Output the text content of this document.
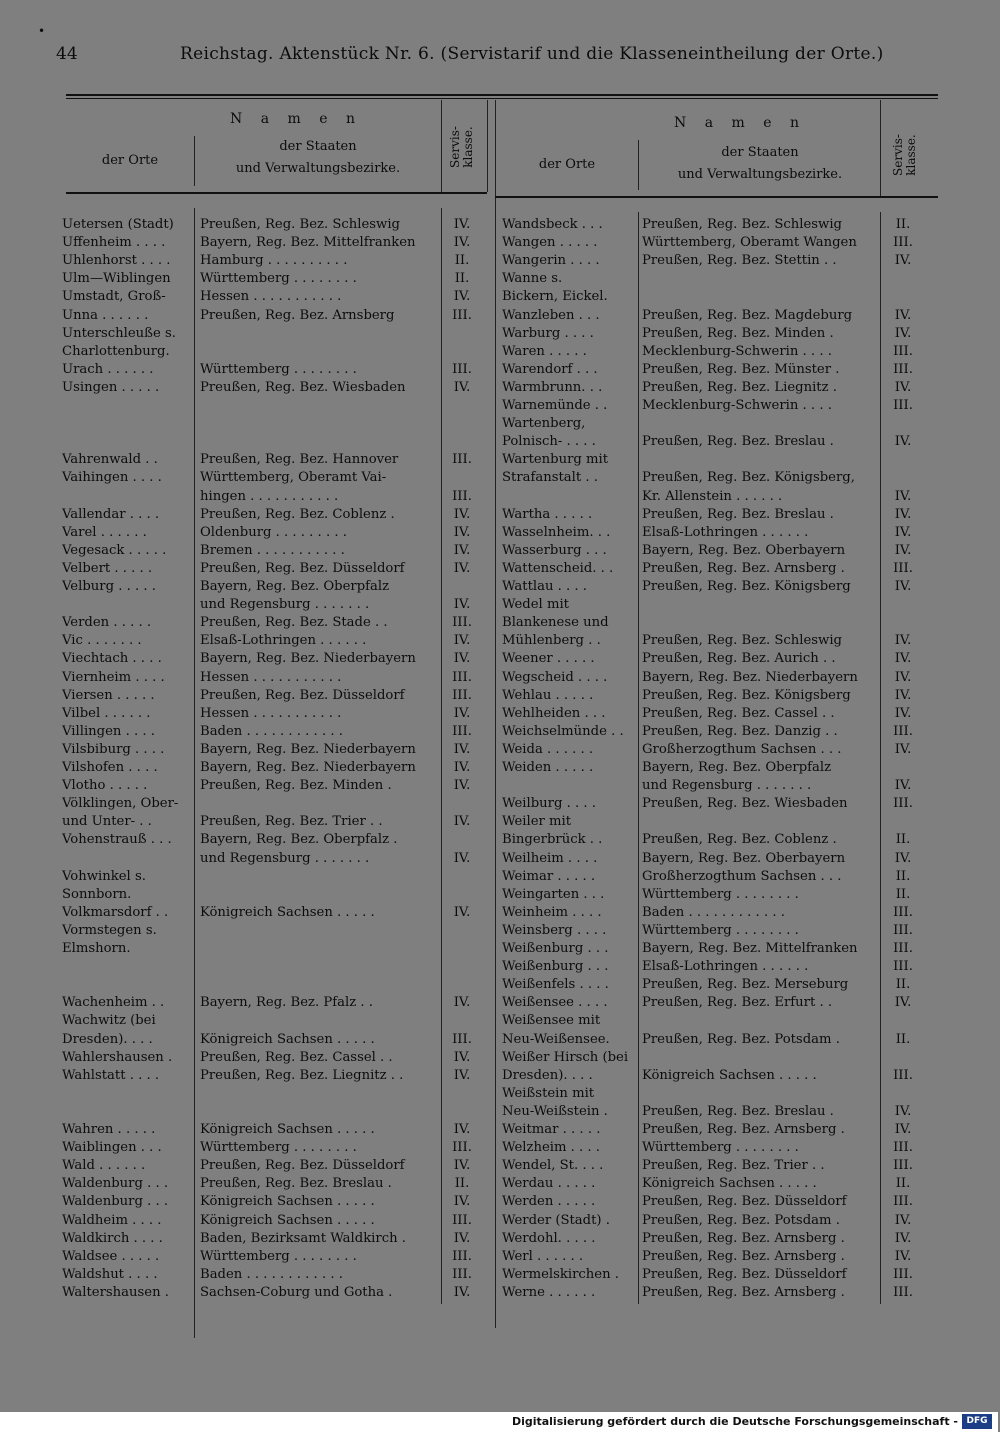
•
44	Reichstag. Aktenstück Nr. 6. (Servistarif und die Klasseneintheilung der Orte.)
N a m e n
der Orte
der Staaten
und Verwaltungsbezirke.
Servis-
klasse.
N a m e n
der Orte
der Staaten
und Verwaltungsbezirke.	Servis-
klasse.
Uetersen (Stadt)	Preußen, Reg. Bez. Schleswig	IV.
Uffenheim . . . .	Bayern, Reg. Bez. Mittelfranken	IV.
Uhlenhorst . . . .	Hamburg . . . . . . . . . .	II.
Ulm—Wiblingen	Württemberg . . . . . . . .	II.
Umstadt, Groß-	Hessen . . . . . . . . . . .	IV.
Unna . . . . . .	Preußen, Reg. Bez. Arnsberg	III.
Unterschleuße s.
Charlottenburg.
Urach . . . . . .	Württemberg . . . . . . . .	III.
Usingen . . . . .	Preußen, Reg. Bez. Wiesbaden	IV.
Vahrenwald . .	Preußen, Reg. Bez. Hannover	III.
Vaihingen . . . .	Württemberg, Oberamt Vai-
hingen . . . . . . . . . . .	III.
Vallendar . . . .	Preußen, Reg. Bez. Coblenz .	IV.
Varel . . . . . .	Oldenburg . . . . . . . . .	IV.
Vegesack . . . . .	Bremen . . . . . . . . . . .	IV.
Velbert . . . . .	Preußen, Reg. Bez. Düsseldorf	IV.
Velburg . . . . .	Bayern, Reg. Bez. Oberpfalz
und Regensburg . . . . . . .	IV.
Verden . . . . .	Preußen, Reg. Bez. Stade . .	III.
Vic . . . . . . .	Elsaß-Lothringen . . . . . .	IV.
Viechtach . . . .	Bayern, Reg. Bez. Niederbayern	IV.
Viernheim . . . .	Hessen . . . . . . . . . . .	III.
Viersen . . . . .	Preußen, Reg. Bez. Düsseldorf	III.
Vilbel . . . . . .	Hessen . . . . . . . . . . .	IV.
Villingen . . . .	Baden . . . . . . . . . . . .	III.
Vilsbiburg . . . .	Bayern, Reg. Bez. Niederbayern	IV.
Vilshofen . . . .	Bayern, Reg. Bez. Niederbayern	IV.
Vlotho . . . . .	Preußen, Reg. Bez. Minden .	IV.
Völklingen, Ober-
und Unter- . .	Preußen, Reg. Bez. Trier . .	IV.
Vohenstrauß . . .	Bayern, Reg. Bez. Oberpfalz .
und Regensburg . . . . . . .	IV.
Vohwinkel s.
Sonnborn.
Volkmarsdorf . .	Königreich Sachsen . . . . .	IV.
Vormstegen s.
Elmshorn.
Wachenheim . .	Bayern, Reg. Bez. Pfalz . .	IV.
Wachwitz (bei
Dresden). . . .	Königreich Sachsen . . . . .	III.
Wahlershausen .	Preußen, Reg. Bez. Cassel . .	IV.
Wahlstatt . . . .	Preußen, Reg. Bez. Liegnitz . .	IV.
Wahren . . . . .	Königreich Sachsen . . . . .	IV.
Waiblingen . . .	Württemberg . . . . . . . .	III.
Wald . . . . . .	Preußen, Reg. Bez. Düsseldorf	IV.
Waldenburg . . .	Preußen, Reg. Bez. Breslau .	II.
Waldenburg . . .	Königreich Sachsen . . . . .	IV.
Waldheim . . . .	Königreich Sachsen . . . . .	III.
Waldkirch . . . .	Baden, Bezirksamt Waldkirch .	IV.
Waldsee . . . . .	Württemberg . . . . . . . .	III.
Waldshut . . . .	Baden . . . . . . . . . . . .	III.
Waltershausen .	Sachsen-Coburg und Gotha .	IV.
Wandsbeck . . .	Preußen, Reg. Bez. Schleswig	II.
Wangen . . . . .	Württemberg, Oberamt Wangen	III.
Wangerin . . . .	Preußen, Reg. Bez. Stettin . .	IV.
Wanne s.
Bickern, Eickel.
Wanzleben . . .	Preußen, Reg. Bez. Magdeburg	IV.
Warburg . . . .	Preußen, Reg. Bez. Minden .	IV.
Waren . . . . .	Mecklenburg-Schwerin . . . .	III.
Warendorf . . .	Preußen, Reg. Bez. Münster .	III.
Warmbrunn. . .	Preußen, Reg. Bez. Liegnitz .	IV.
Warnemünde . .	Mecklenburg-Schwerin . . . .	III.
Wartenberg,
Polnisch- . . . .	Preußen, Reg. Bez. Breslau .	IV.
Wartenburg mit
Strafanstalt . .	Preußen, Reg. Bez. Königsberg,
Kr. Allenstein . . . . . .	IV.
Wartha . . . . .	Preußen, Reg. Bez. Breslau .	IV.
Wasselnheim. . .	Elsaß-Lothringen . . . . . .	IV.
Wasserburg . . .	Bayern, Reg. Bez. Oberbayern	IV.
Wattenscheid. . .	Preußen, Reg. Bez. Arnsberg .	III.
Wattlau . . . .	Preußen, Reg. Bez. Königsberg	IV.
Wedel mit
Blankenese und
Mühlenberg . .	Preußen, Reg. Bez. Schleswig	IV.
Weener . . . . .	Preußen, Reg. Bez. Aurich . .	IV.
Wegscheid . . . .	Bayern, Reg. Bez. Niederbayern	IV.
Wehlau . . . . .	Preußen, Reg. Bez. Königsberg	IV.
Wehlheiden . . .	Preußen, Reg. Bez. Cassel . .	IV.
Weichselmünde . .	Preußen, Reg. Bez. Danzig . .	III.
Weida . . . . . .	Großherzogthum Sachsen . . .	IV.
Weiden . . . . .	Bayern, Reg. Bez. Oberpfalz
und Regensburg . . . . . . .	IV.
Weilburg . . . .	Preußen, Reg. Bez. Wiesbaden	III.
Weiler mit
Bingerbrück . .	Preußen, Reg. Bez. Coblenz .	II.
Weilheim . . . .	Bayern, Reg. Bez. Oberbayern	IV.
Weimar . . . . .	Großherzogthum Sachsen . . .	II.
Weingarten . . .	Württemberg . . . . . . . .	II.
Weinheim . . . .	Baden . . . . . . . . . . . .	III.
Weinsberg . . . .	Württemberg . . . . . . . .	III.
Weißenburg . . .	Bayern, Reg. Bez. Mittelfranken	III.
Weißenburg . . .	Elsaß-Lothringen . . . . . .	III.
Weißenfels . . . .	Preußen, Reg. Bez. Merseburg	II.
Weißensee . . . .	Preußen, Reg. Bez. Erfurt . .	IV.
Weißensee mit
Neu-Weißensee.	Preußen, Reg. Bez. Potsdam .	II.
Weißer Hirsch (bei
Dresden). . . .	Königreich Sachsen . . . . .	III.
Weißstein mit
Neu-Weißstein .	Preußen, Reg. Bez. Breslau .	IV.
Weitmar . . . . .	Preußen, Reg. Bez. Arnsberg .	IV.
Welzheim . . . .	Württemberg . . . . . . . .	III.
Wendel, St. . . .	Preußen, Reg. Bez. Trier . .	III.
Werdau . . . . .	Königreich Sachsen . . . . .	II.
Werden . . . . .	Preußen, Reg. Bez. Düsseldorf	III.
Werder (Stadt) .	Preußen, Reg. Bez. Potsdam .	IV.
Werdohl. . . . .	Preußen, Reg. Bez. Arnsberg .	IV.
Werl . . . . . .	Preußen, Reg. Bez. Arnsberg .	IV.
Wermelskirchen .	Preußen, Reg. Bez. Düsseldorf	III.
Werne . . . . . .	Preußen, Reg. Bez. Arnsberg .	III.
Digitalisierung gefördert durch die Deutsche Forschungsgemeinschaft - DFG
